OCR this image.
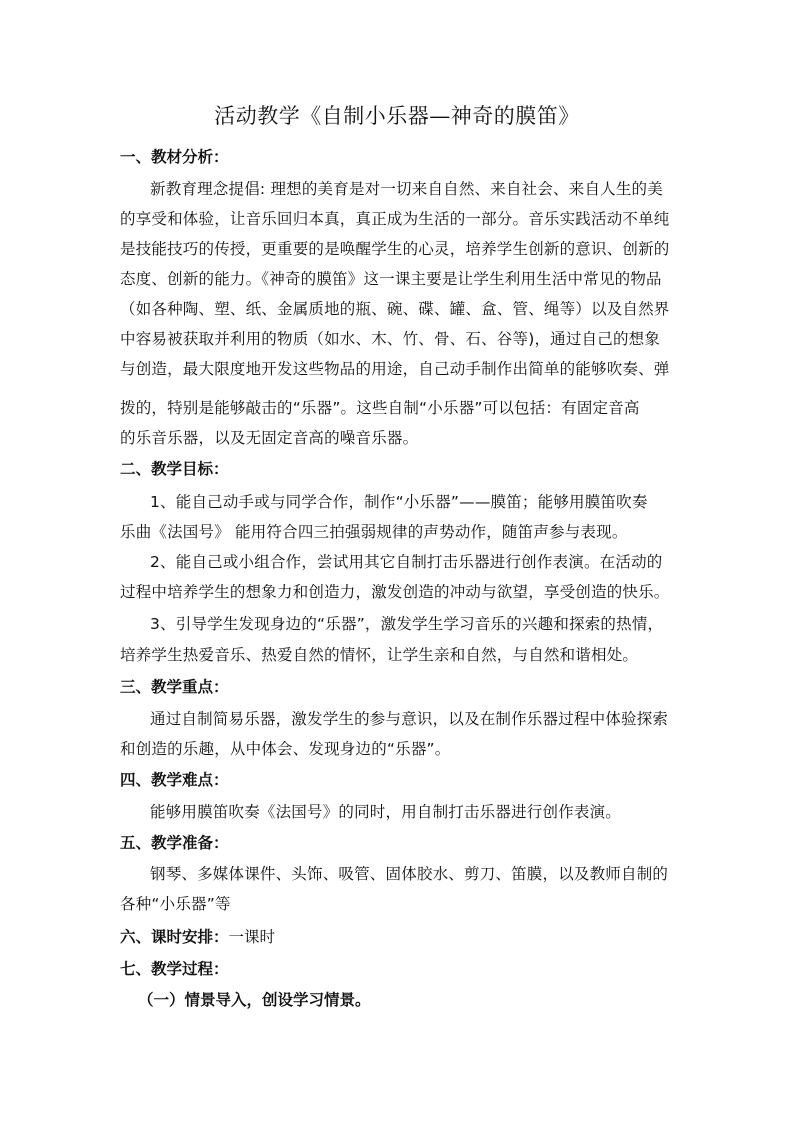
活动教学《自制小乐器—神奇的膜笛》
一、教材分析：
新教育理念提倡: 理想的美育是对一切来自自然、来自社会、来自人生的美
的享受和体验，让音乐回归本真，真正成为生活的一部分。音乐实践活动不单纯
是技能技巧的传授，更重要的是唤醒学生的心灵，培养学生创新的意识、创新的
态度、创新的能力。《神奇的膜笛》这一课主要是让学生利用生活中常见的物品
（如各种陶、塑、纸、金属质地的瓶、碗、碟、罐、盒、管、绳等）以及自然界
中容易被获取并利用的物质（如水、木、竹、骨、石、谷等)，通过自己的想象
与创造，最大限度地开发这些物品的用途，自己动手制作出简单的能够吹奏、弹
拨的，特别是能够敲击的“乐器”。这些自制“小乐器”可以包括：有固定音高
的乐音乐器，以及无固定音高的噪音乐器。
二、教学目标：
1、能自己动手或与同学合作，制作“小乐器”——膜笛；能够用膜笛吹奏
乐曲《法国号》 能用符合四三拍强弱规律的声势动作，随笛声参与表现。
2、能自己或小组合作，尝试用其它自制打击乐器进行创作表演。在活动的
过程中培养学生的想象力和创造力，激发创造的冲动与欲望，享受创造的快乐。
3、引导学生发现身边的“乐器”，激发学生学习音乐的兴趣和探索的热情，
培养学生热爱音乐、热爱自然的情怀，让学生亲和自然，与自然和谐相处。
三、教学重点：
通过自制简易乐器，激发学生的参与意识，以及在制作乐器过程中体验探索
和创造的乐趣，从中体会、发现身边的“乐器”。
四、教学难点：
能够用膜笛吹奏《法国号》的同时，用自制打击乐器进行创作表演。
五、教学准备：
钢琴、多媒体课件、头饰、吸管、固体胶水、剪刀、笛膜，以及教师自制的
各种“小乐器”等
六、课时安排：一课时
七、教学过程：
（一）情景导入，创设学习情景。
